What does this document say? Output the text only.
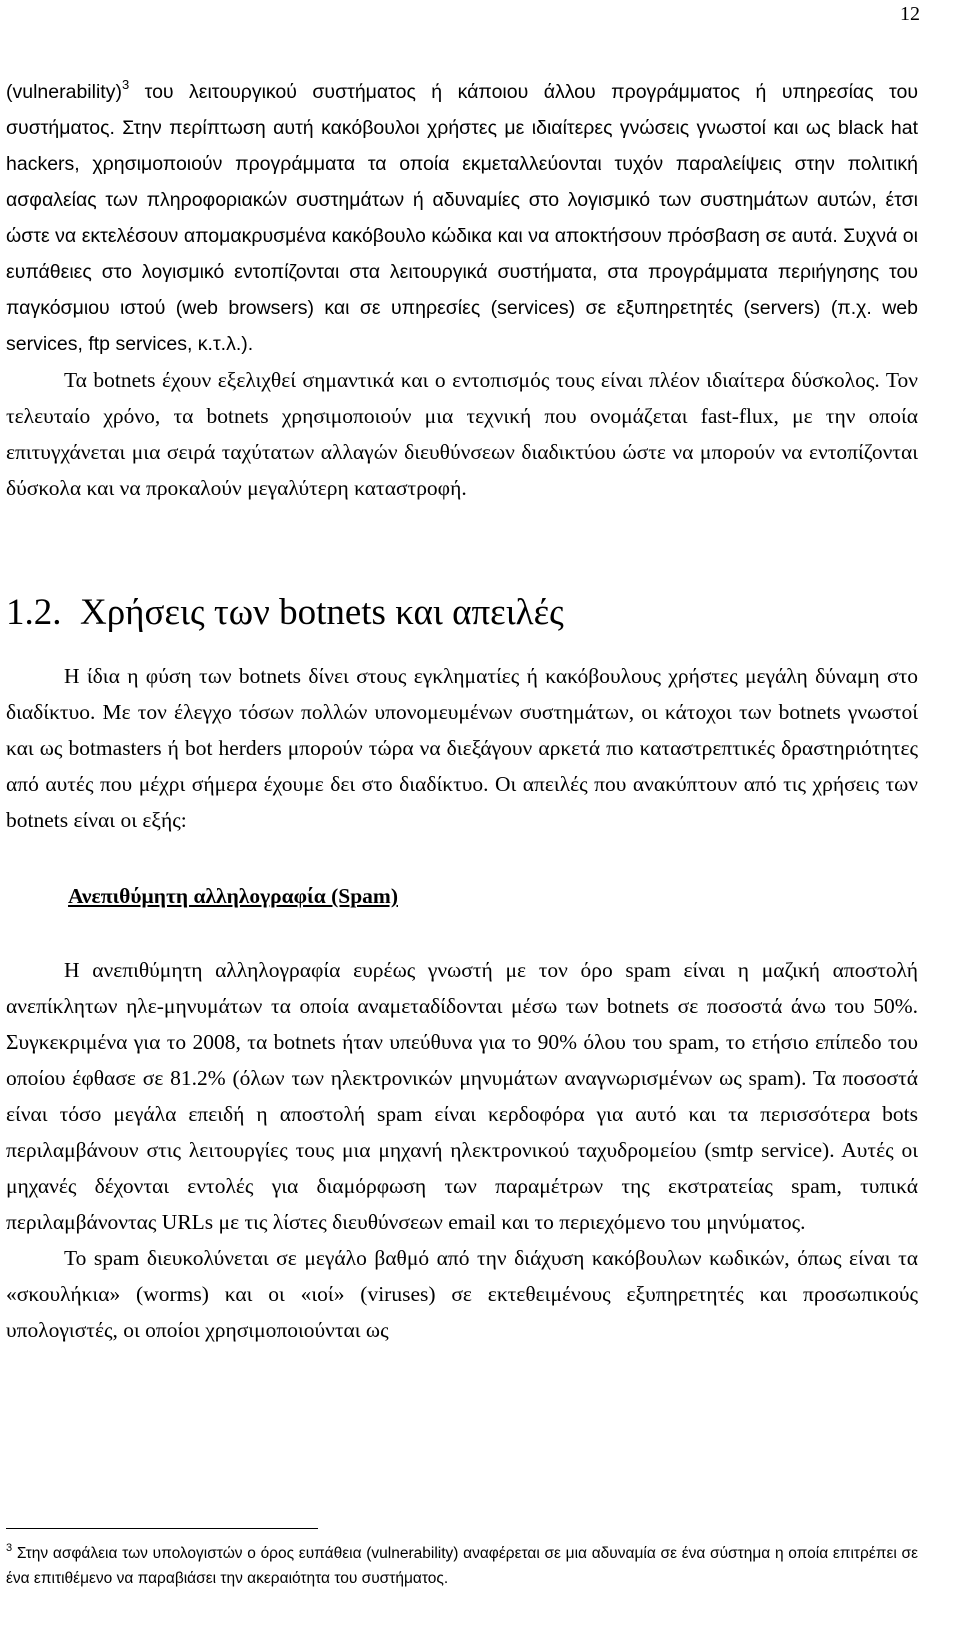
12

(vulnerability)$^3$ του λειτουργικού συστήματος ή κάποιου άλλου προγράμματος ή υπηρεσίας του συστήματος. Στην περίπτωση αυτή κακόβουλοι χρήστες με ιδιαίτερες γνώσεις γνωστοί και ως black hat hackers, χρησιμοποιούν προγράμματα τα οποία εκμεταλλεύονται τυχόν παραλείψεις στην πολιτική ασφαλείας των πληροφοριακών συστημάτων ή αδυναμίες στο λογισμικό των συστημάτων αυτών, έτσι ώστε να εκτελέσουν απομακρυσμένα κακόβουλο κώδικα και να αποκτήσουν πρόσβαση σε αυτά. Συχνά οι ευπάθειες στο λογισμικό εντοπίζονται στα λειτουργικά συστήματα, στα προγράμματα περιήγησης του παγκόσμιου ιστού (web browsers) και σε υπηρεσίες (services) σε εξυπηρετητές (servers) (π.χ. web services, ftp services, κ.τ.λ.).

Τα botnets έχουν εξελιχθεί σημαντικά και ο εντοπισμός τους είναι πλέον ιδιαίτερα δύσκολος. Τον τελευταίο χρόνο, τα botnets χρησιμοποιούν μια τεχνική που ονομάζεται fast-flux, με την οποία επιτυγχάνεται μια σειρά ταχύτατων αλλαγών διευθύνσεων διαδικτύου ώστε να μπορούν να εντοπίζονται δύσκολα και να προκαλούν μεγαλύτερη καταστροφή.

1.2. Χρήσεις των botnets και απειλές

Η ίδια η φύση των botnets δίνει στους εγκληματίες ή κακόβουλους χρήστες μεγάλη δύναμη στο διαδίκτυο. Με τον έλεγχο τόσων πολλών υπονομευμένων συστημάτων, οι κάτοχοι των botnets γνωστοί και ως botmasters ή bot herders μπορούν τώρα να διεξάγουν αρκετά πιο καταστρεπτικές δραστηριότητες από αυτές που μέχρι σήμερα έχουμε δει στο διαδίκτυο. Οι απειλές που ανακύπτουν από τις χρήσεις των botnets είναι οι εξής:

Ανεπιθύμητη αλληλογραφία (Spam)

Η ανεπιθύμητη αλληλογραφία ευρέως γνωστή με τον όρο spam είναι η μαζική αποστολή ανεπίκλητων ηλε-μηνυμάτων τα οποία αναμεταδίδονται μέσω των botnets σε ποσοστά άνω του 50%. Συγκεκριμένα για το 2008, τα botnets ήταν υπεύθυνα για το 90% όλου του spam, το ετήσιο επίπεδο του οποίου έφθασε σε 81.2% (όλων των ηλεκτρονικών μηνυμάτων αναγνωρισμένων ως spam). Τα ποσοστά είναι τόσο μεγάλα επειδή η αποστολή spam είναι κερδοφόρα για αυτό και τα περισσότερα bots περιλαμβάνουν στις λειτουργίες τους μια μηχανή ηλεκτρονικού ταχυδρομείου (smtp service). Αυτές οι μηχανές δέχονται εντολές για διαμόρφωση των παραμέτρων της εκστρατείας spam, τυπικά περιλαμβάνοντας URLs με τις λίστες διευθύνσεων email και το περιεχόμενο του μηνύματος.

Το spam διευκολύνεται σε μεγάλο βαθμό από την διάχυση κακόβουλων κωδικών, όπως είναι τα «σκουλήκια» (worms) και οι «ιοί» (viruses) σε εκτεθειμένους εξυπηρετητές και προσωπικούς υπολογιστές, οι οποίοι χρησιμοποιούνται ως

$^3$ Στην ασφάλεια των υπολογιστών ο όρος ευπάθεια (vulnerability) αναφέρεται σε μια αδυναμία σε ένα σύστημα η οποία επιτρέπει σε ένα επιτιθέμενο να παραβιάσει την ακεραιότητα του συστήματος.
